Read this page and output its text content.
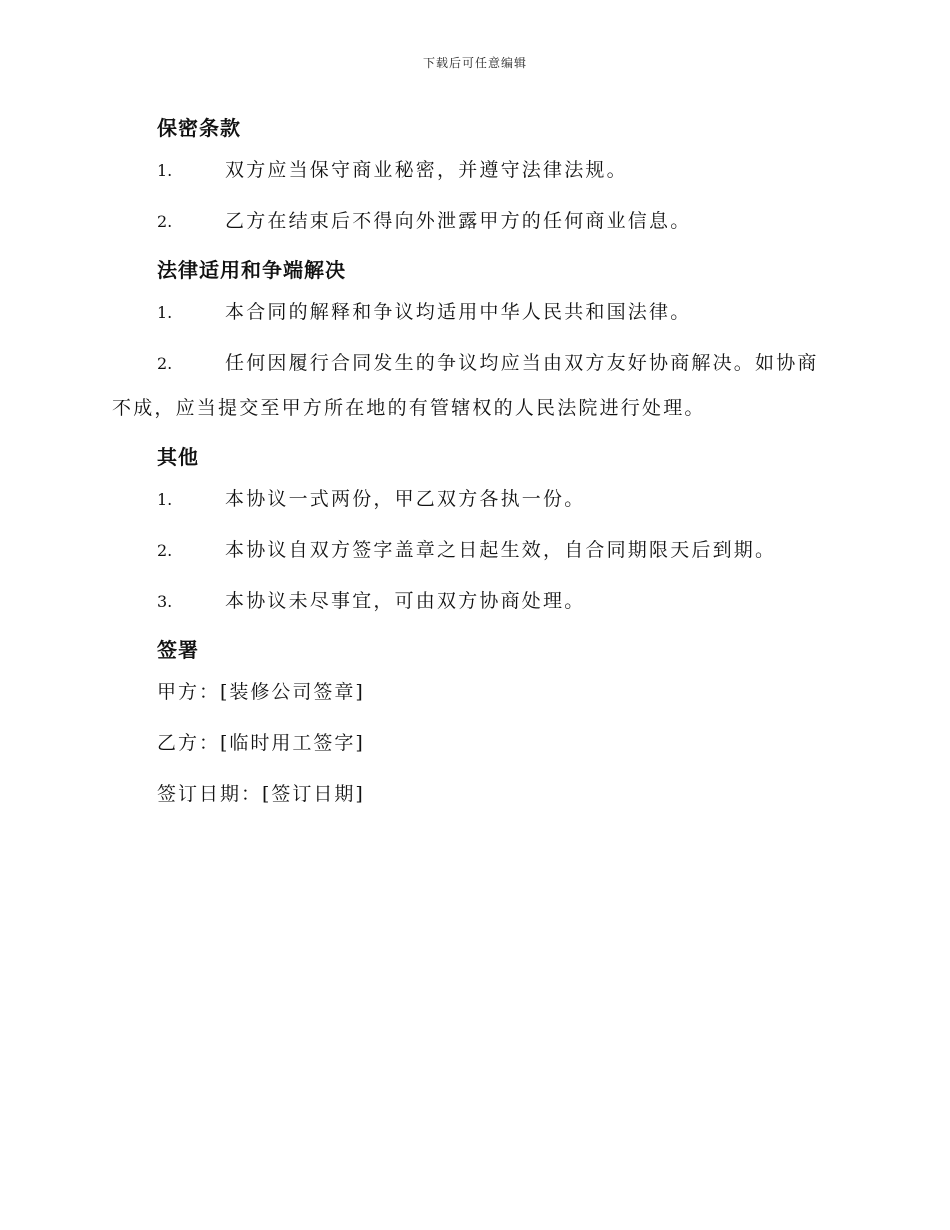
下载后可任意编辑
保密条款

1.	双方应当保守商业秘密，并遵守法律法规。

2.	乙方在结束后不得向外泄露甲方的任何商业信息。

法律适用和争端解决

1.	本合同的解释和争议均适用中华人民共和国法律。

2.	任何因履行合同发生的争议均应当由双方友好协商解决。如协商不成，应当提交至甲方所在地的有管辖权的人民法院进行处理。

其他

1.	本协议一式两份，甲乙双方各执一份。

2.	本协议自双方签字盖章之日起生效，自合同期限天后到期。

3.	本协议未尽事宜，可由双方协商处理。

签署

甲方：[装修公司签章]

乙方：[临时用工签字]

签订日期：[签订日期]
